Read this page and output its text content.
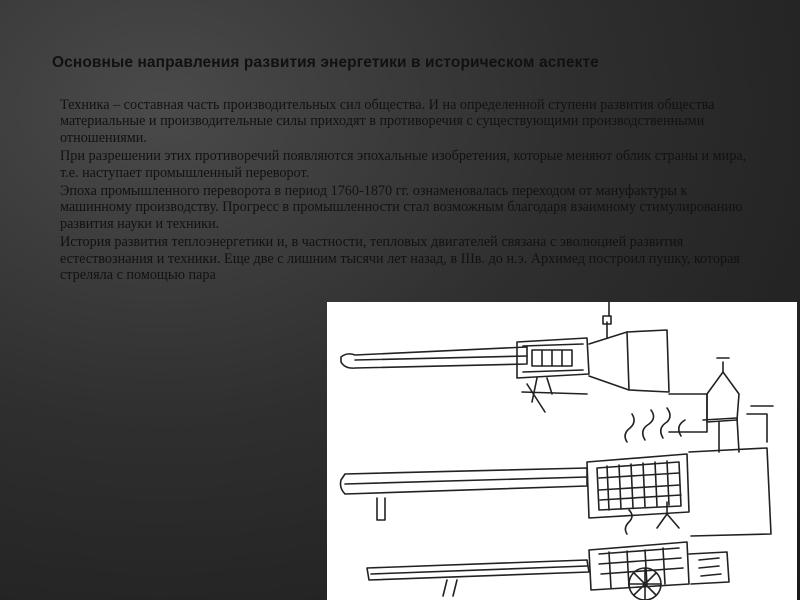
Основные направления развития энергетики в историческом аспекте

Техника – составная часть производительных сил общества. И на определенной ступени развития общества материальные и производительные силы приходят в противоречия с существующими производственными отношениями.

При разрешении этих противоречий появляются эпохальные изобретения, которые меняют облик страны и мира, т.е. наступает промышленный переворот.

Эпоха промышленного переворота в период 1760-1870 гг. ознаменовалась переходом от мануфактуры к машинному производству. Прогресс в промышленности стал возможным благодаря взаимному стимулированию развития науки и техники.

История развития теплоэнергетики и, в частности, тепловых двигателей связана с эволюцией развития естествознания и техники. Еще две с лишним тысячи лет назад, в IIIв. до н.э. Архимед построил пушку, которая стреляла с помощью пара
